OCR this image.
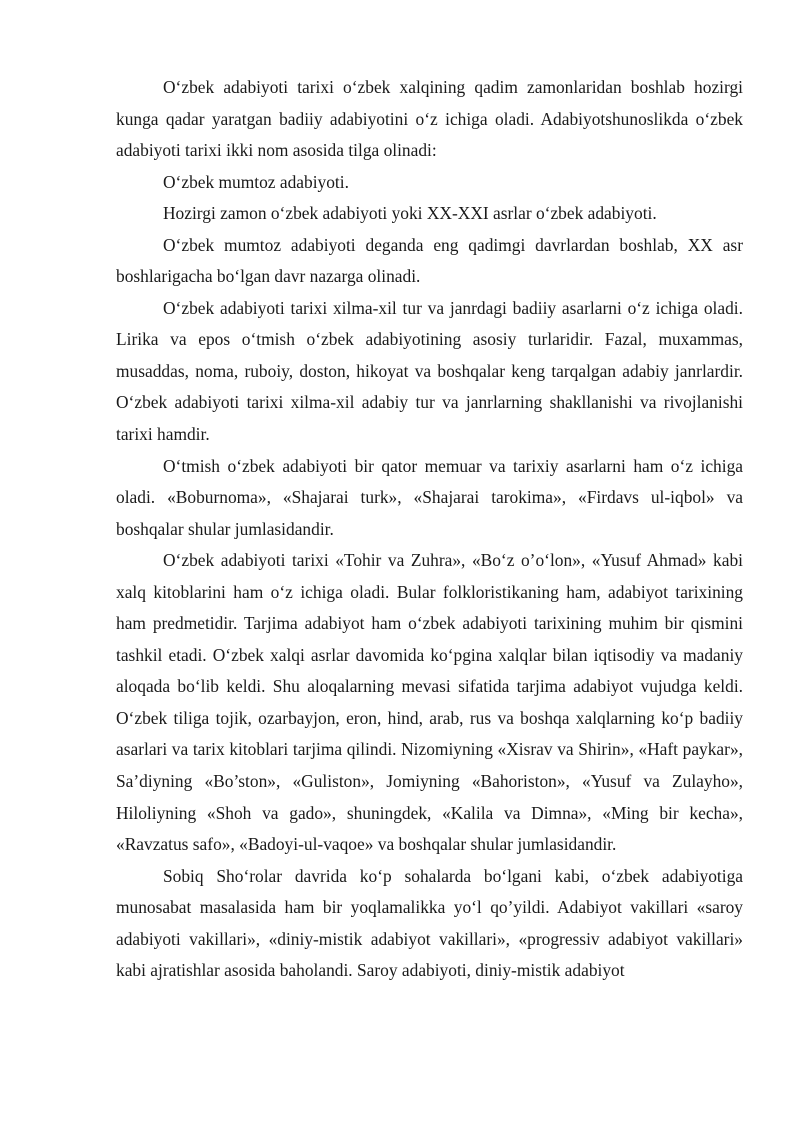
O‘zbek adabiyoti tarixi o‘zbek xalqining qadim zamonlaridan boshlab hozirgi kunga qadar yaratgan badiiy adabiyotini o‘z ichiga oladi. Adabiyotshunoslikda o‘zbek adabiyoti tarixi ikki nom asosida tilga olinadi:

O‘zbek mumtoz adabiyoti.

Hozirgi zamon o‘zbek adabiyoti yoki XX-XXI asrlar o‘zbek adabiyoti.

O‘zbek mumtoz adabiyoti deganda eng qadimgi davrlardan boshlab, XX asr boshlarigacha bo‘lgan davr nazarga olinadi.

O‘zbek adabiyoti tarixi xilma-xil tur va janrdagi badiiy asarlarni o‘z ichiga oladi. Lirika va epos o‘tmish o‘zbek adabiyotining asosiy turlaridir. Fazal, muxammas, musaddas, noma, ruboiy, doston, hikoyat va boshqalar keng tarqalgan adabiy janrlardir. O‘zbek adabiyoti tarixi xilma-xil adabiy tur va janrlarning shakllanishi va rivojlanishi tarixi hamdir.

O‘tmish o‘zbek adabiyoti bir qator memuar va tarixiy asarlarni ham o‘z ichiga oladi. «Boburnoma», «Shajarai turk», «Shajarai tarokima», «Firdavs ul-iqbol» va boshqalar shular jumlasidandir.

O‘zbek adabiyoti tarixi «Tohir va Zuhra», «Bo‘z o’o‘lon», «Yusuf Ahmad» kabi xalq kitoblarini ham o‘z ichiga oladi. Bular folkloristikaning ham, adabiyot tarixining ham predmetidir. Tarjima adabiyot ham o‘zbek adabiyoti tarixining muhim bir qismini tashkil etadi. O‘zbek xalqi asrlar davomida ko‘pgina xalqlar bilan iqtisodiy va madaniy aloqada bo‘lib keldi. Shu aloqalarning mevasi sifatida tarjima adabiyot vujudga keldi. O‘zbek tiliga tojik, ozarbayjon, eron, hind, arab, rus va boshqa xalqlarning ko‘p badiiy asarlari va tarix kitoblari tarjima qilindi. Nizomiyning «Xisrav va Shirin», «Haft paykar», Sa’diyning «Bo’ston», «Guliston», Jomiyning «Bahoriston», «Yusuf va Zulayho», Hiloliyning «Shoh va gado», shuningdek, «Kalila va Dimna», «Ming bir kecha», «Ravzatus safo», «Badoyi-ul-vaqoe» va boshqalar shular jumlasidandir.

Sobiq Sho‘rolar davrida ko‘p sohalarda bo‘lgani kabi, o‘zbek adabiyotiga munosabat masalasida ham bir yoqlamalikka yo‘l qo’yildi. Adabiyot vakillari «saroy adabiyoti vakillari», «diniy-mistik adabiyot vakillari», «progressiv adabiyot vakillari» kabi ajratishlar asosida baholandi. Saroy adabiyoti, diniy-mistik adabiyot
